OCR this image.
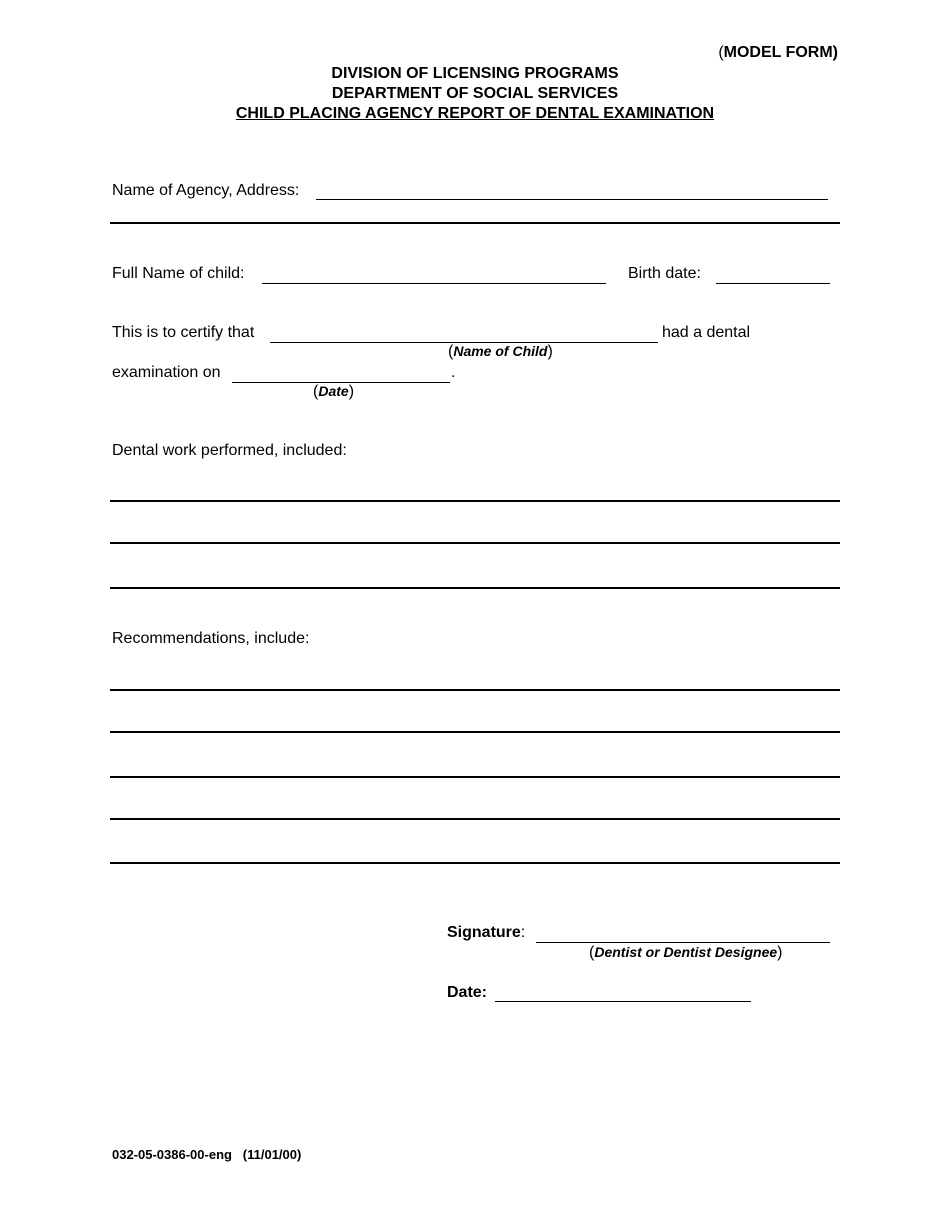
(MODEL FORM)
DIVISION OF LICENSING PROGRAMS
DEPARTMENT OF SOCIAL SERVICES
CHILD PLACING AGENCY REPORT OF DENTAL EXAMINATION
Name of Agency, Address:
Full Name of child:	Birth date:
This is to certify that	had a dental
(Name of Child)
examination on	.
(Date)
Dental work performed, included:
Recommendations, include:
Signature:
(Dentist or Dentist Designee)
Date:
032-05-0386-00-eng   (11/01/00)
